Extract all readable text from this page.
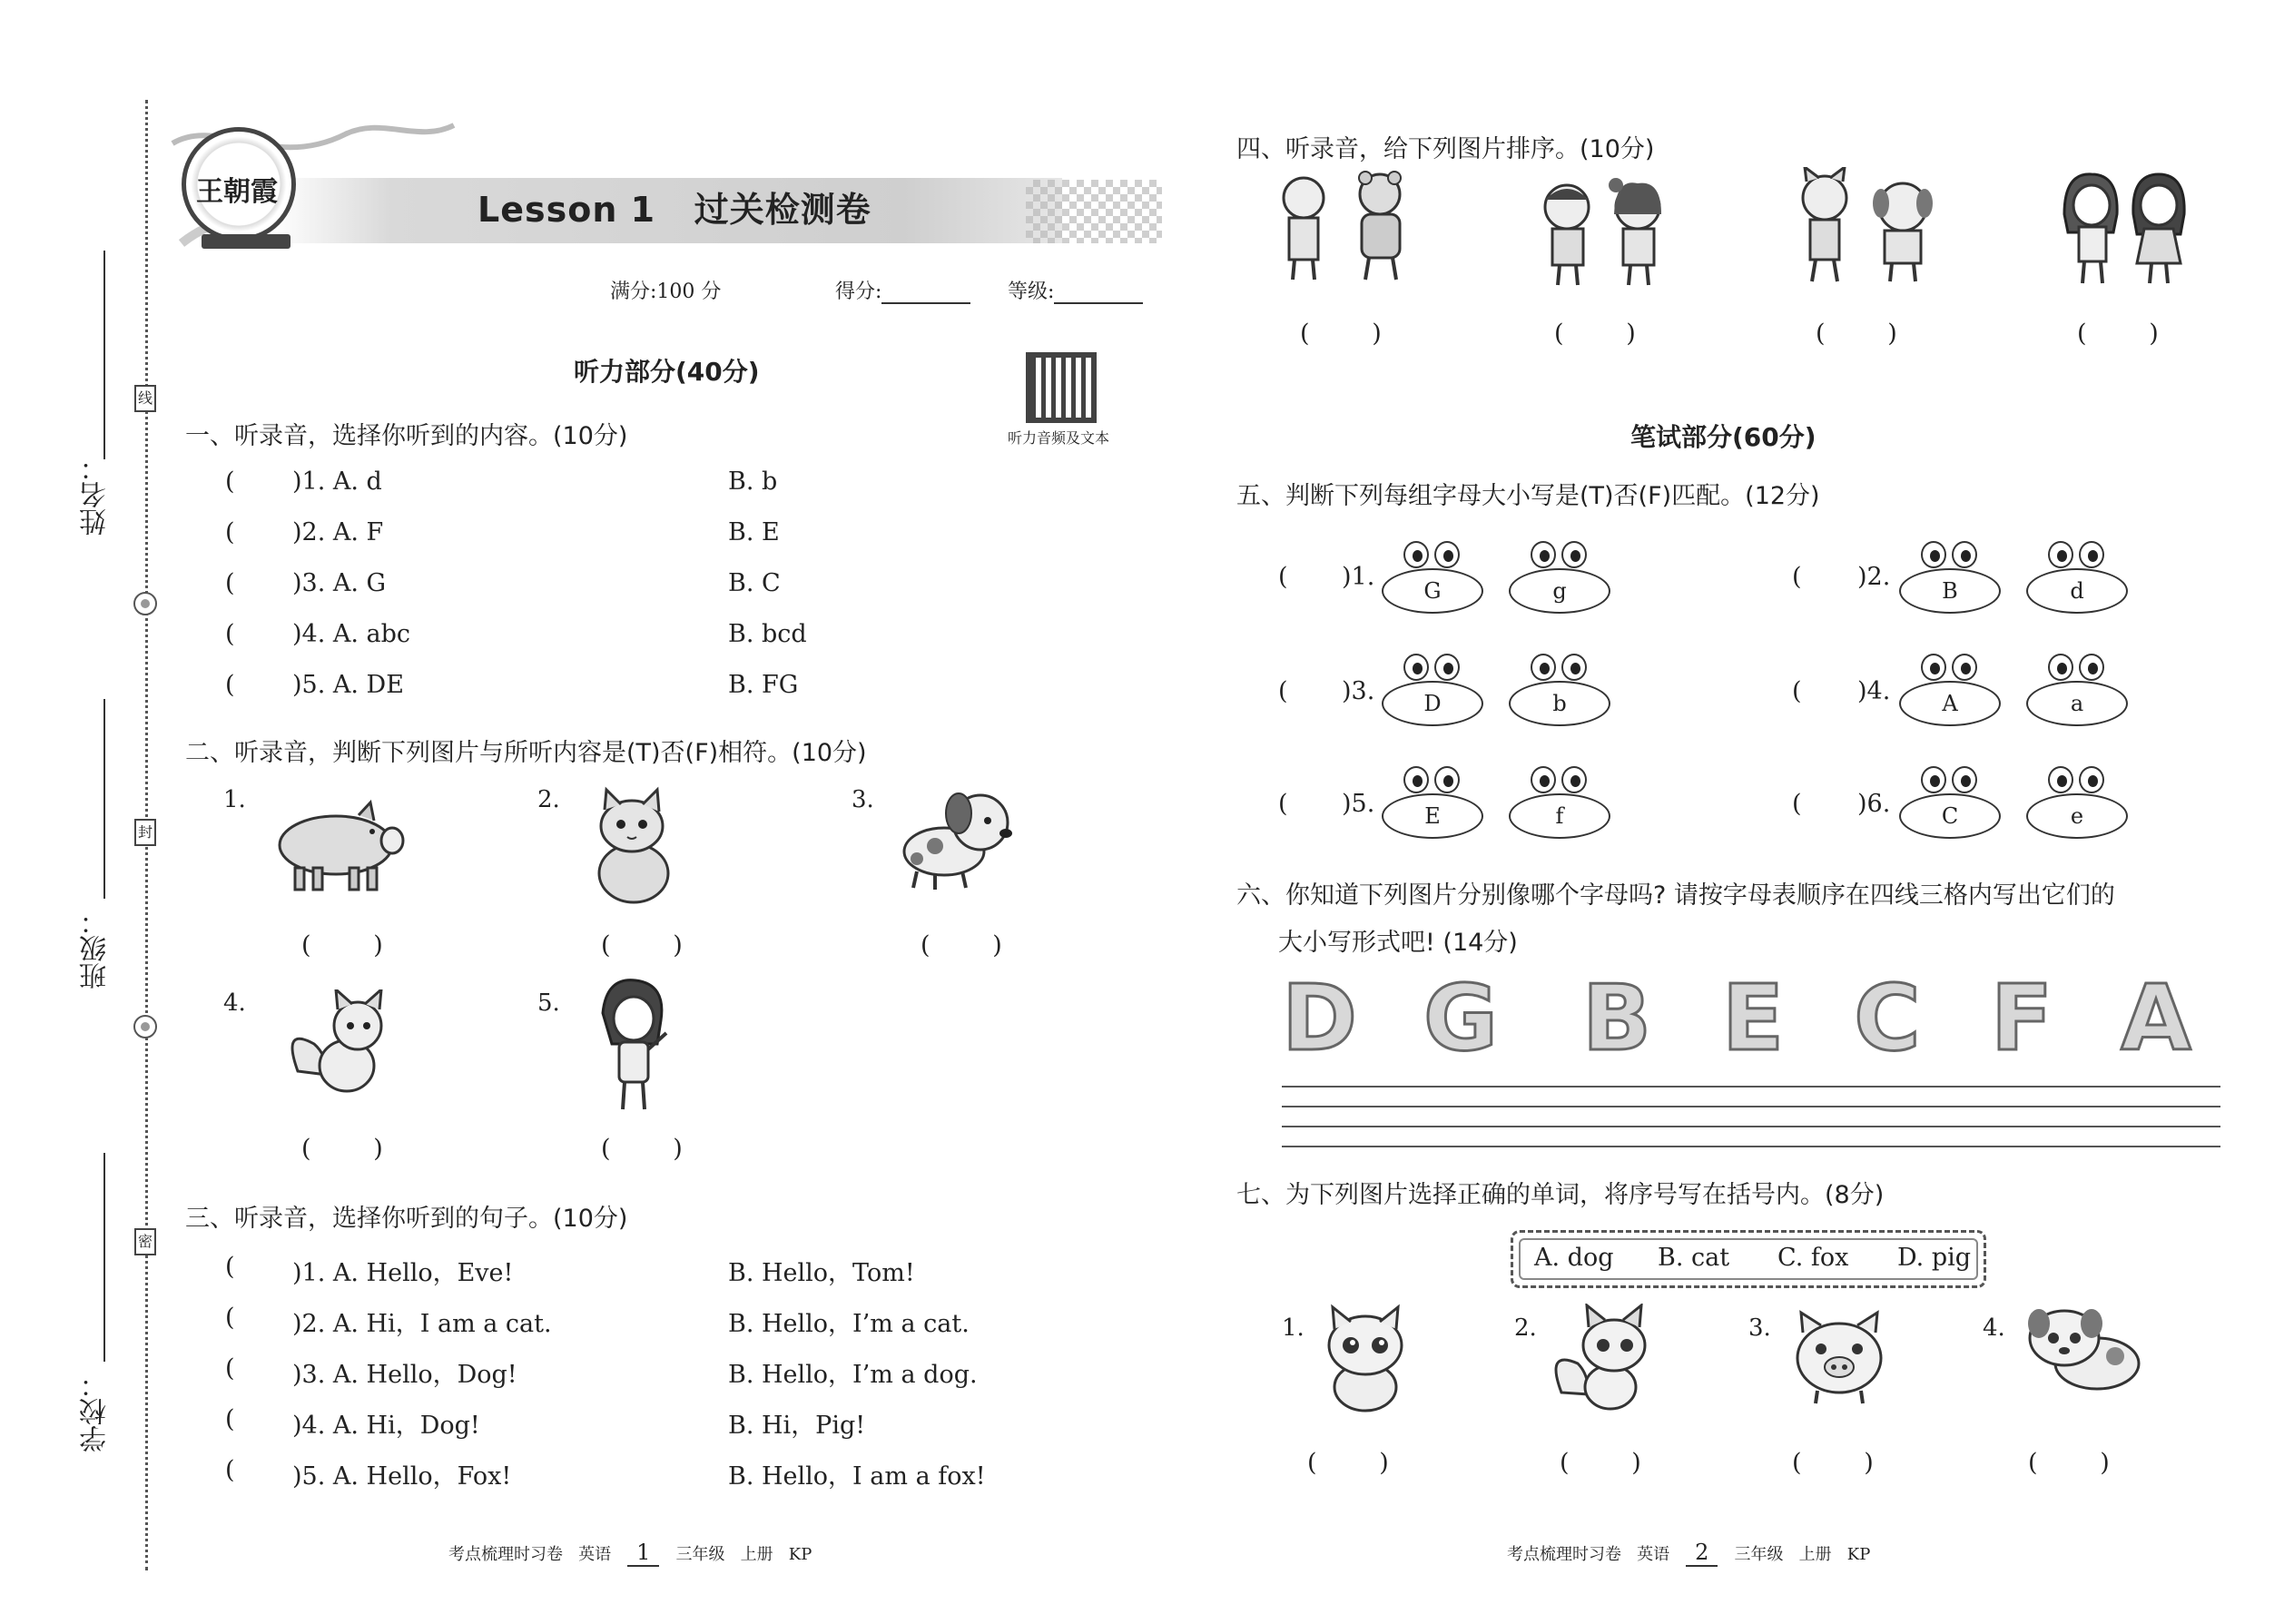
姓名：
班级：
学校：
线
封
密
王朝霞	Lesson 1   过关检测卷
满分:100 分	得分:	等级:
听力部分(40分)
听力音频及文本
一、听录音，选择你听到的内容。(10分)
( )1. A. d	B. b
( )2. A. F	B. E
( )3. A. G	B. C
( )4. A. abc	B. bcd
( )5. A. DE	B. FG
二、听录音，判断下列图片与所听内容是(T)否(F)相符。(10分)
1.	2.	3.
4.	5.
(        )	(        )	(        )
(        )	(        )
三、听录音，选择你听到的句子。(10分)
( )1. A. Hello，Eve!	B. Hello，Tom!
( )2. A. Hi，I am a cat.	B. Hello，I’m a cat.
( )3. A. Hello，Dog!	B. Hello，I’m a dog.
( )4. A. Hi，Dog!	B. Hi，Pig!
( )5. A. Hello，Fox!	B. Hello，I am a fox!
考点梳理时习卷   英语 1 三年级   上册   KP
四、听录音，给下列图片排序。(10分)
(        )	(        )	(        )	(        )
笔试部分(60分)
五、判断下列每组字母大小写是(T)否(F)匹配。(12分)
( )1.	G	g	( )2.	B	d
( )3.	D	b	( )4.	A	a
( )5.	E	f	( )6.	C	e
六、你知道下列图片分别像哪个字母吗? 请按字母表顺序在四线三格内写出它们的
大小写形式吧! (14分)
D G B E C F A
七、为下列图片选择正确的单词，将序号写在括号内。(8分)
A. dog B. cat C. fox D. pig
1.	2.	3.	4.
(        )	(        )	(        )	(        )
考点梳理时习卷   英语 2 三年级   上册   KP
